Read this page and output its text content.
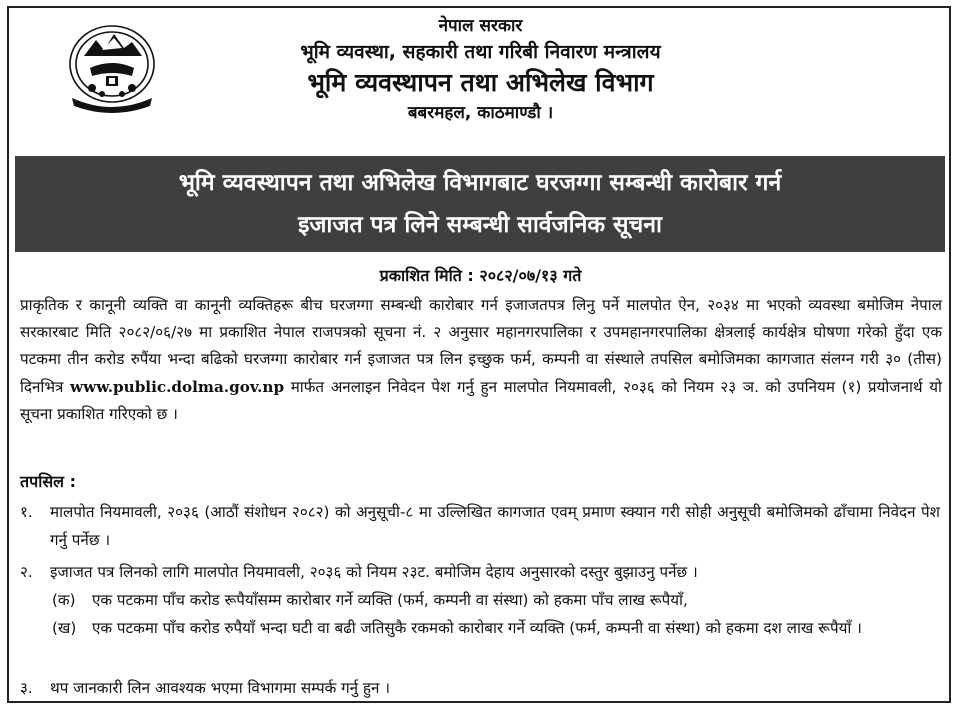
नेपाल सरकार
भूमि व्यवस्था, सहकारी तथा गरिबी निवारण मन्त्रालय
भूमि व्यवस्थापन तथा अभिलेख विभाग
बबरमहल, काठमाण्डौ ।
भूमि व्यवस्थापन तथा अभिलेख विभागबाट घरजग्गा सम्बन्धी कारोबार गर्न
इजाजत पत्र लिने सम्बन्धी सार्वजनिक सूचना
प्रकाशित मिति : २०८२/०७/१३ गते
प्राकृतिक र कानूनी व्यक्ति वा कानूनी व्यक्तिहरू बीच घरजग्गा सम्बन्धी कारोबार गर्न इजाजतपत्र लिनु पर्ने मालपोत ऐन, २०३४ मा भएको व्यवस्था बमोजिम नेपाल सरकारबाट मिति २०८२/०६/२७ मा प्रकाशित नेपाल राजपत्रको सूचना नं. २ अनुसार महानगरपालिका र उपमहानगरपालिका क्षेत्रलाई कार्यक्षेत्र घोषणा गरेको हुँदा एक पटकमा तीन करोड रुपैंया भन्दा बढिको घरजग्गा कारोबार गर्न इजाजत पत्र लिन इच्छुक फर्म, कम्पनी वा संस्थाले तपसिल बमोजिमका कागजात संलग्न गरी ३० (तीस) दिनभित्र www.public.dolma.gov.np मार्फत अनलाइन निवेदन पेश गर्नु हुन मालपोत नियमावली, २०३६ को नियम २३ ञ. को उपनियम (१) प्रयोजनार्थ यो सूचना प्रकाशित गरिएको छ ।
तपसिल :
१. मालपोत नियमावली, २०३६ (आठौं संशोधन २०८२) को अनुसूची-८ मा उल्लिखित कागजात एवम् प्रमाण स्क्यान गरी सोही अनुसूची बमोजिमको ढाँचामा निवेदन पेश गर्नु पर्नेछ ।
२. इजाजत पत्र लिनको लागि मालपोत नियमावली, २०३६ को नियम २३ट. बमोजिम देहाय अनुसारको दस्तुर बुझाउनु पर्नेछ ।
(क) एक पटकमा पाँच करोड रूपैयाँसम्म कारोबार गर्ने व्यक्ति (फर्म, कम्पनी वा संस्था) को हकमा पाँच लाख रूपैयाँ,
(ख) एक पटकमा पाँच करोड रुपैयाँ भन्दा घटी वा बढी जतिसुकै रकमको कारोबार गर्ने व्यक्ति (फर्म, कम्पनी वा संस्था) को हकमा दश लाख रूपैयाँ ।
३. थप जानकारी लिन आवश्यक भएमा विभागमा सम्पर्क गर्नु हुन ।
